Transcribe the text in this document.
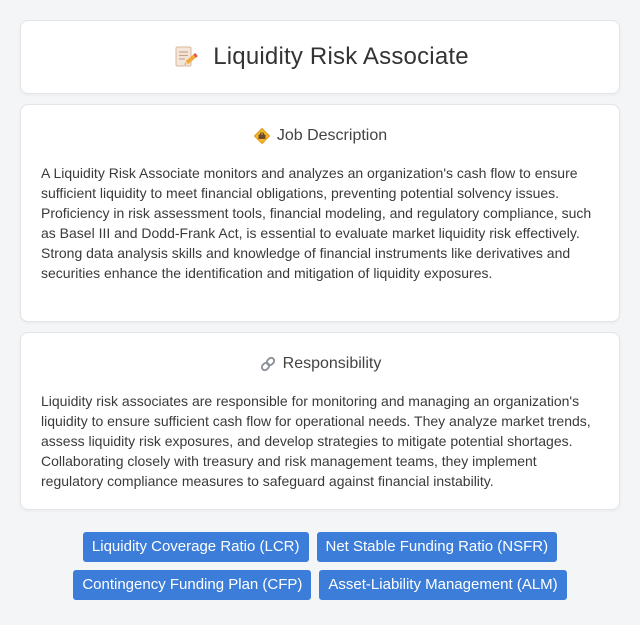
Liquidity Risk Associate
Job Description

A Liquidity Risk Associate monitors and analyzes an organization's cash flow to ensure sufficient liquidity to meet financial obligations, preventing potential solvency issues. Proficiency in risk assessment tools, financial modeling, and regulatory compliance, such as Basel III and Dodd-Frank Act, is essential to evaluate market liquidity risk effectively. Strong data analysis skills and knowledge of financial instruments like derivatives and securities enhance the identification and mitigation of liquidity exposures.

Responsibility

Liquidity risk associates are responsible for monitoring and managing an organization's liquidity to ensure sufficient cash flow for operational needs. They analyze market trends, assess liquidity risk exposures, and develop strategies to mitigate potential shortages. Collaborating closely with treasury and risk management teams, they implement regulatory compliance measures to safeguard against financial instability.

Liquidity Coverage Ratio (LCR)	Net Stable Funding Ratio (NSFR)
Contingency Funding Plan (CFP)	Asset-Liability Management (ALM)
